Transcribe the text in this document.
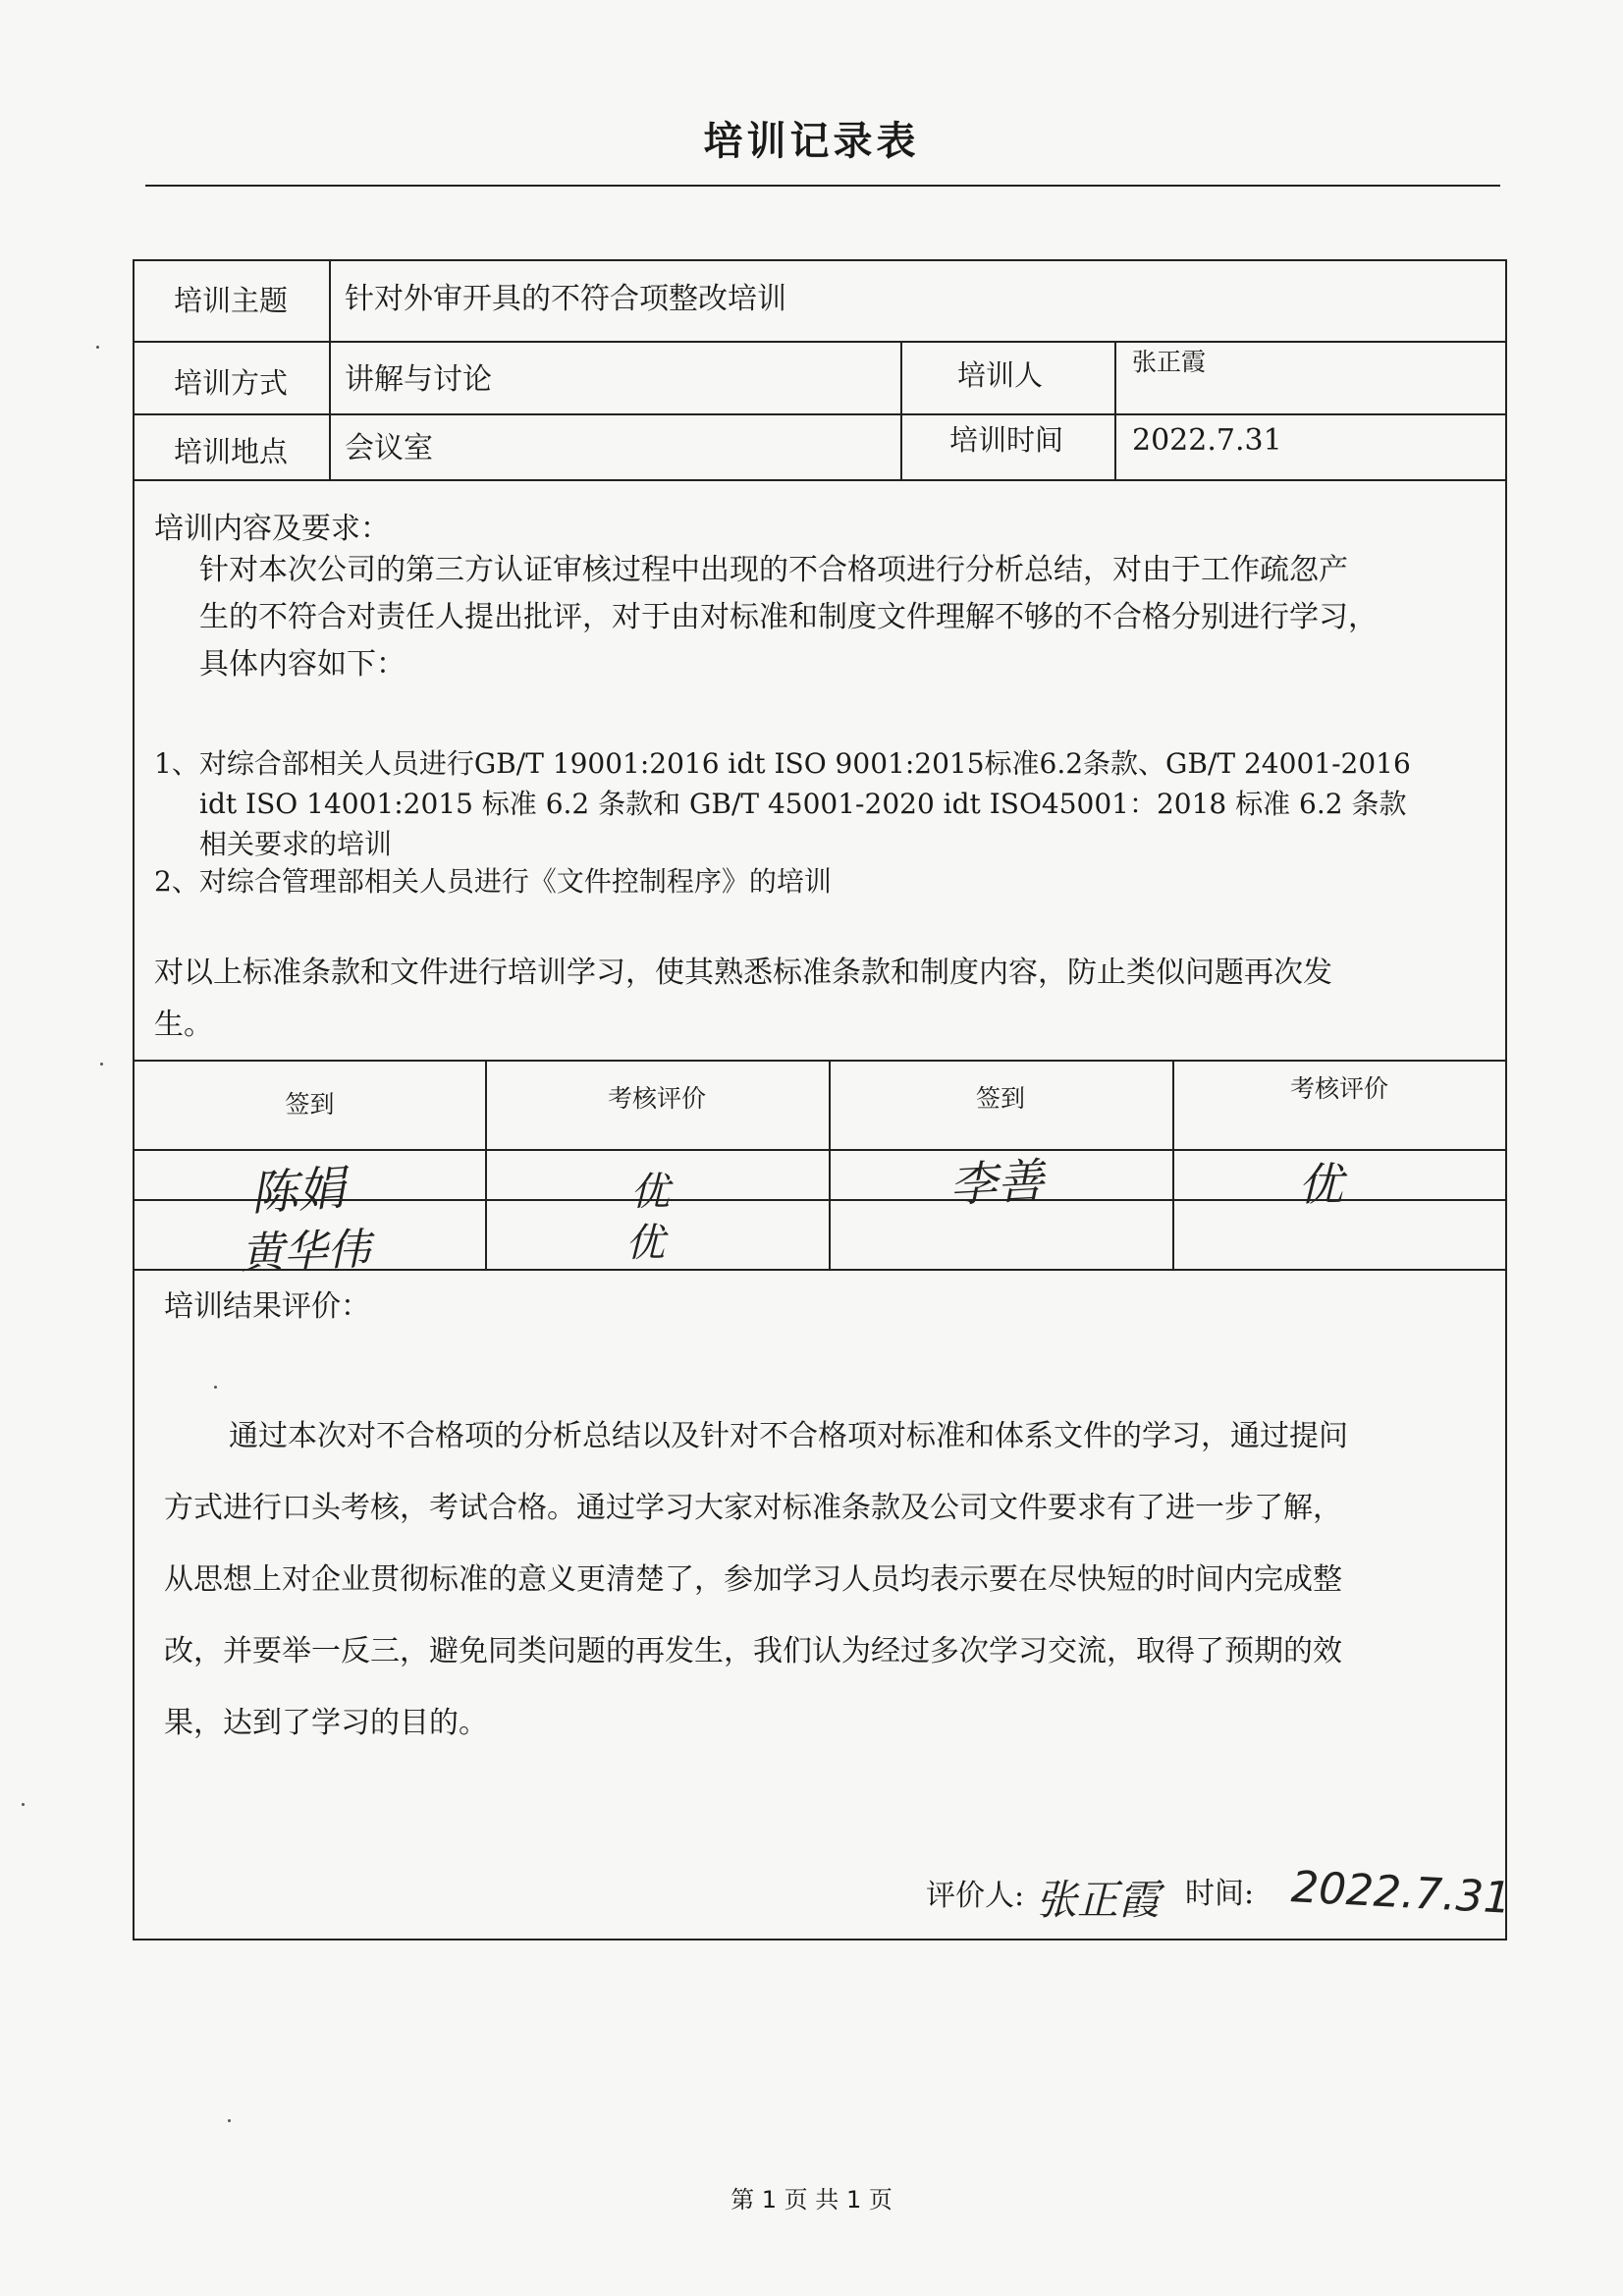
培训记录表
培训主题 针对外审开具的不符合项整改培训
培训方式 讲解与讨论	培训人	张正霞
培训地点 会议室	培训时间 2022.7.31
培训内容及要求：
针对本次公司的第三方认证审核过程中出现的不合格项进行分析总结，对由于工作疏忽产
生的不符合对责任人提出批评，对于由对标准和制度文件理解不够的不合格分别进行学习，
具体内容如下：
1、对综合部相关人员进行GB/T 19001:2016 idt ISO 9001:2015标准6.2条款、GB/T 24001-2016
idt ISO 14001:2015 标准 6.2 条款和 GB/T 45001-2020 idt ISO45001：2018 标准 6.2 条款
相关要求的培训
2、对综合管理部相关人员进行《文件控制程序》的培训
对以上标准条款和文件进行培训学习，使其熟悉标准条款和制度内容，防止类似问题再次发
生。
签到	考核评价	签到	考核评价
陈娟	优	李善	优
黄华伟	优
培训结果评价：
通过本次对不合格项的分析总结以及针对不合格项对标准和体系文件的学习，通过提问
方式进行口头考核，考试合格。通过学习大家对标准条款及公司文件要求有了进一步了解，
从思想上对企业贯彻标准的意义更清楚了，参加学习人员均表示要在尽快短的时间内完成整
改，并要举一反三，避免同类问题的再发生，我们认为经过多次学习交流，取得了预期的效
果，达到了学习的目的。
评价人: 张正霞 时间: 2022.7.31
第 1 页 共 1 页
